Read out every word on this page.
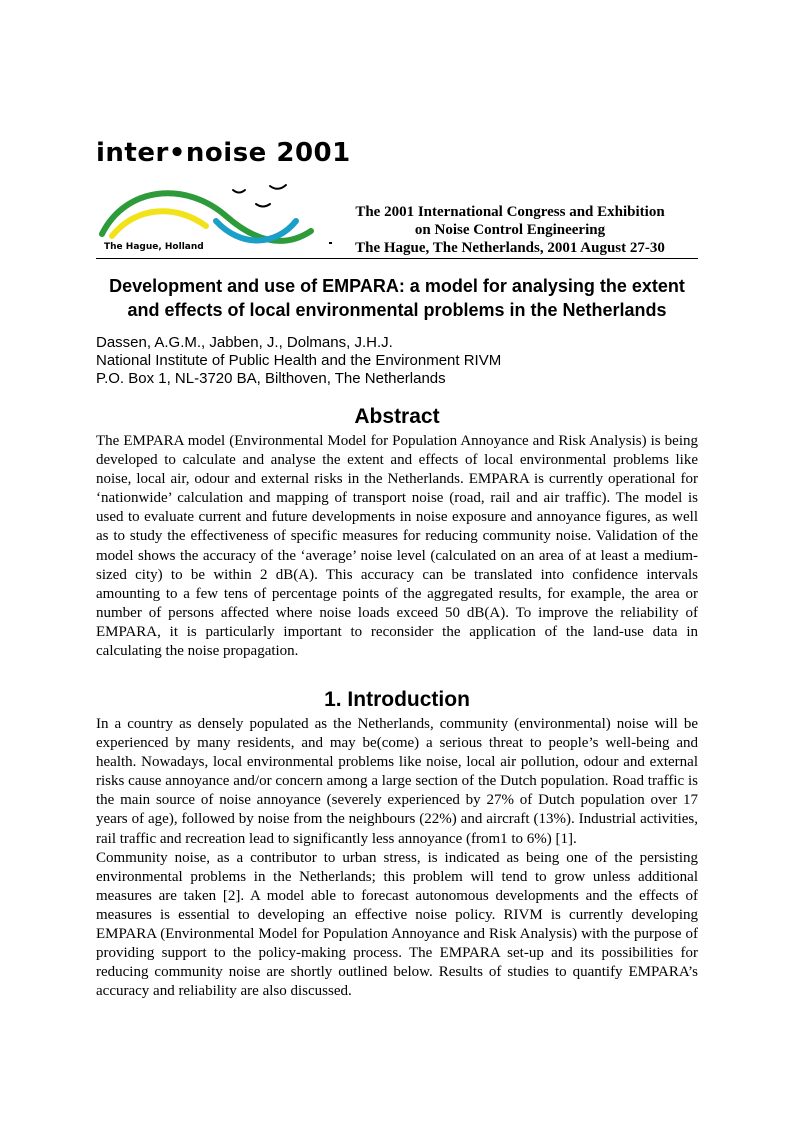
inter•noise 2001
The Hague, Holland
The 2001 International Congress and Exhibition
on Noise Control Engineering
The Hague, The Netherlands, 2001 August 27-30
Development and use of EMPARA: a model for analysing the extent and effects of local environmental problems in the Netherlands
Dassen, A.G.M., Jabben, J., Dolmans, J.H.J.
National Institute of Public Health and the Environment RIVM
P.O. Box 1, NL-3720 BA, Bilthoven, The Netherlands
Abstract
The EMPARA model (Environmental Model for Population Annoyance and Risk Analysis) is being developed to calculate and analyse the extent and effects of local environmental problems like noise, local air, odour and external risks in the Netherlands. EMPARA is currently operational for ‘nationwide’ calculation and mapping of transport noise (road, rail and air traffic). The model is used to evaluate current and future developments in noise exposure and annoyance figures, as well as to study the effectiveness of specific measures for reducing community noise. Validation of the model shows the accuracy of the ‘average’ noise level (calculated on an area of at least a medium-sized city) to be within 2 dB(A). This accuracy can be translated into confidence intervals amounting to a few tens of percentage points of the aggregated results, for example, the area or number of persons affected where noise loads exceed 50 dB(A). To improve the reliability of EMPARA, it is particularly important to reconsider the application of the land-use data in calculating the noise propagation.
1. Introduction

In a country as densely populated as the Netherlands, community (environmental) noise will be experienced by many residents, and may be(come) a serious threat to people’s well-being and health. Nowadays, local environmental problems like noise, local air pollution, odour and external risks cause annoyance and/or concern among a large section of the Dutch population. Road traffic is the main source of noise annoyance (severely experienced by 27% of Dutch population over 17 years of age), followed by noise from the neighbours (22%) and aircraft (13%). Industrial activities, rail traffic and recreation lead to significantly less annoyance (from1 to 6%) [1].

Community noise, as a contributor to urban stress, is indicated as being one of the persisting environmental problems in the Netherlands; this problem will tend to grow unless additional measures are taken [2]. A model able to forecast autonomous developments and the effects of measures is essential to developing an effective noise policy. RIVM is currently developing EMPARA (Environmental Model for Population Annoyance and Risk Analysis) with the purpose of providing support to the policy-making process. The EMPARA set-up and its possibilities for reducing community noise are shortly outlined below. Results of studies to quantify EMPARA’s accuracy and reliability are also discussed.
